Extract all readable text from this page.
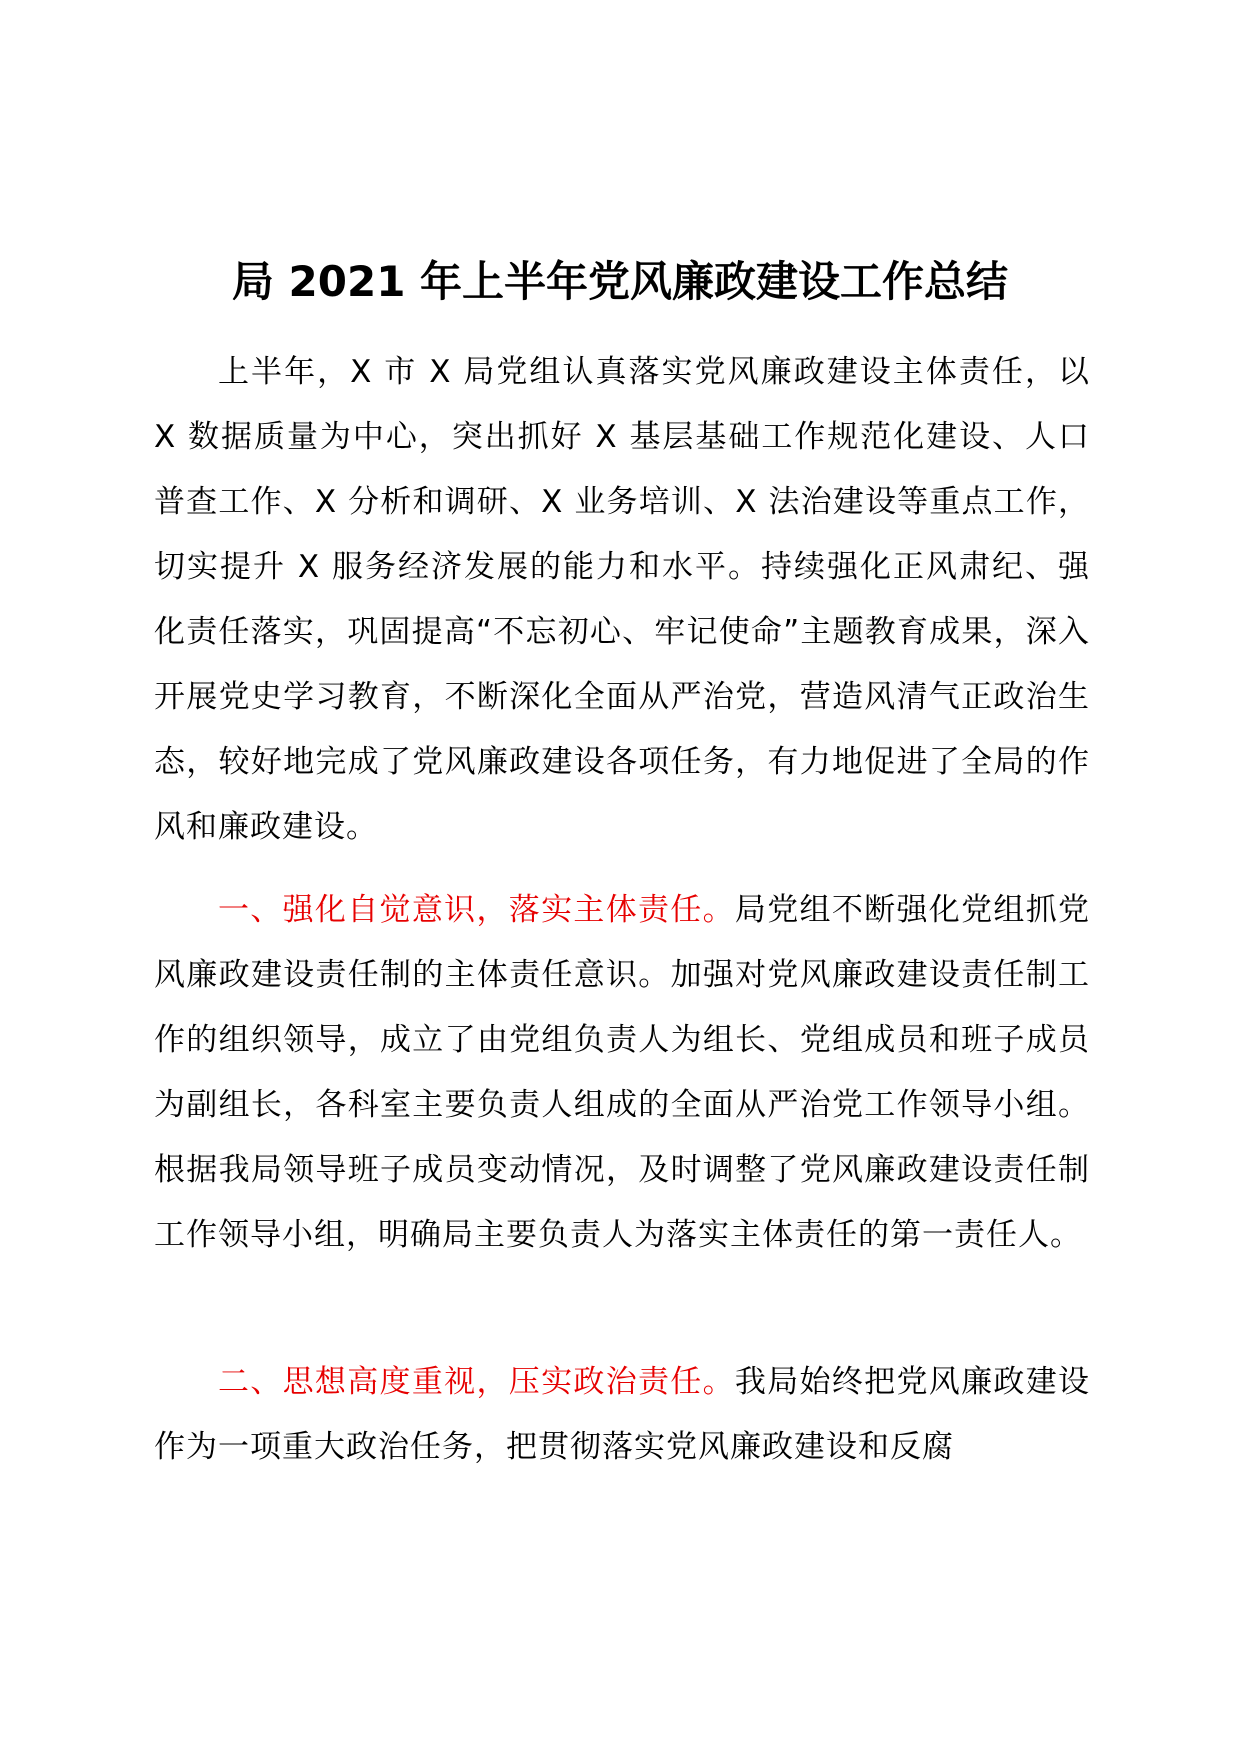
局 2021 年上半年党风廉政建设工作总结

上半年，X 市 X 局党组认真落实党风廉政建设主体责任，以 X 数据质量为中心，突出抓好 X 基层基础工作规范化建设、人口普查工作、X 分析和调研、X 业务培训、X 法治建设等重点工作，切实提升 X 服务经济发展的能力和水平。持续强化正风肃纪、强化责任落实，巩固提高“不忘初心、牢记使命”主题教育成果，深入开展党史学习教育，不断深化全面从严治党，营造风清气正政治生态，较好地完成了党风廉政建设各项任务，有力地促进了全局的作风和廉政建设。

一、强化自觉意识，落实主体责任。局党组不断强化党组抓党风廉政建设责任制的主体责任意识。加强对党风廉政建设责任制工作的组织领导，成立了由党组负责人为组长、党组成员和班子成员为副组长，各科室主要负责人组成的全面从严治党工作领导小组。根据我局领导班子成员变动情况，及时调整了党风廉政建设责任制工作领导小组，明确局主要负责人为落实主体责任的第一责任人。

二、思想高度重视，压实政治责任。我局始终把党风廉政建设作为一项重大政治任务，把贯彻落实党风廉政建设和反腐
